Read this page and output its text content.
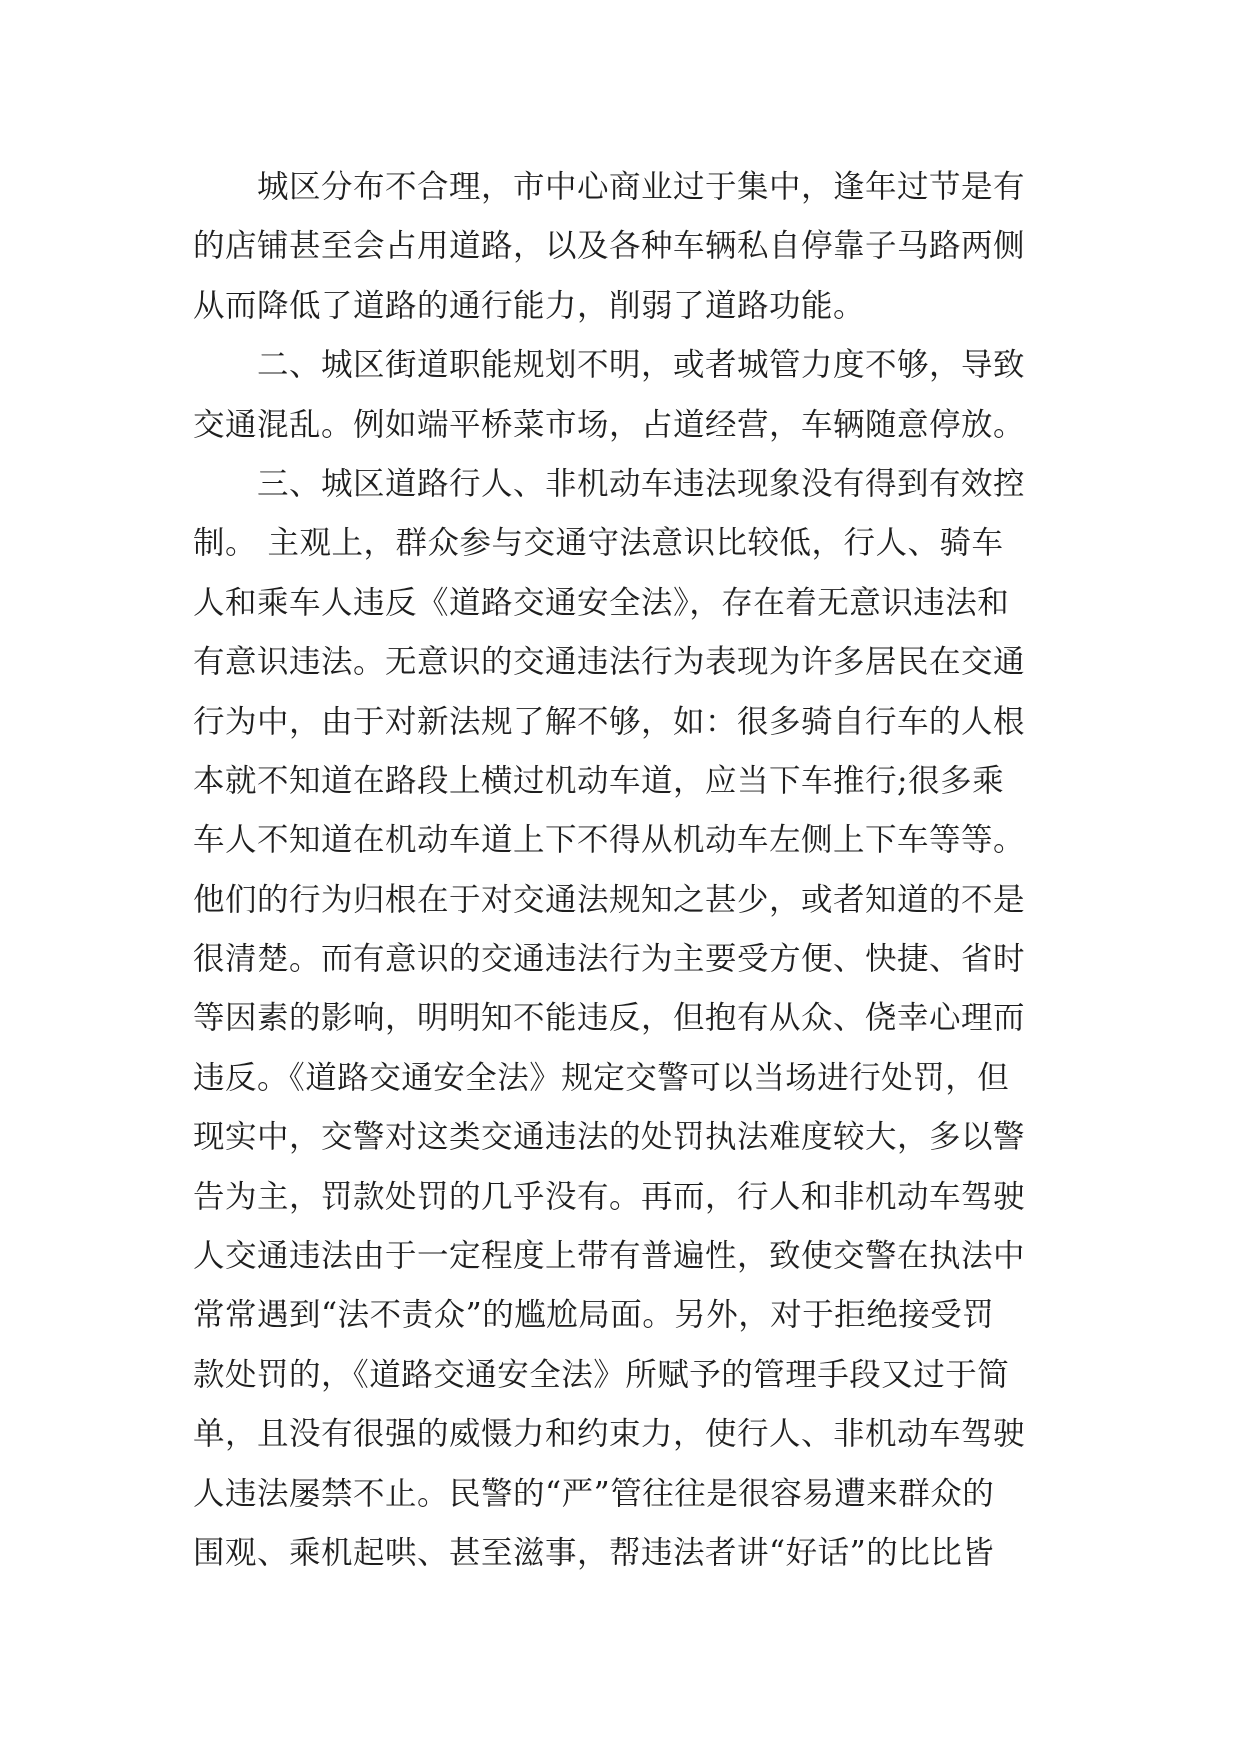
　　城区分布不合理，市中心商业过于集中，逢年过节是有
的店铺甚至会占用道路，以及各种车辆私自停靠子马路两侧
从而降低了道路的通行能力，削弱了道路功能。
　　二、城区街道职能规划不明，或者城管力度不够，导致
交通混乱。例如端平桥菜市场，占道经营，车辆随意停放。
　　三、城区道路行人、非机动车违法现象没有得到有效控
制。 主观上，群众参与交通守法意识比较低，行人、骑车
人和乘车人违反《道路交通安全法》，存在着无意识违法和
有意识违法。无意识的交通违法行为表现为许多居民在交通
行为中，由于对新法规了解不够，如：很多骑自行车的人根
本就不知道在路段上横过机动车道，应当下车推行;很多乘
车人不知道在机动车道上下不得从机动车左侧上下车等等。
他们的行为归根在于对交通法规知之甚少，或者知道的不是
很清楚。而有意识的交通违法行为主要受方便、快捷、省时
等因素的影响，明明知不能违反，但抱有从众、侥幸心理而
违反。《道路交通安全法》规定交警可以当场进行处罚，但
现实中，交警对这类交通违法的处罚执法难度较大，多以警
告为主，罚款处罚的几乎没有。再而，行人和非机动车驾驶
人交通违法由于一定程度上带有普遍性，致使交警在执法中
常常遇到“法不责众”的尴尬局面。另外，对于拒绝接受罚
款处罚的，《道路交通安全法》所赋予的管理手段又过于简
单，且没有很强的威慑力和约束力，使行人、非机动车驾驶
人违法屡禁不止。民警的“严”管往往是很容易遭来群众的
围观、乘机起哄、甚至滋事，帮违法者讲“好话”的比比皆
